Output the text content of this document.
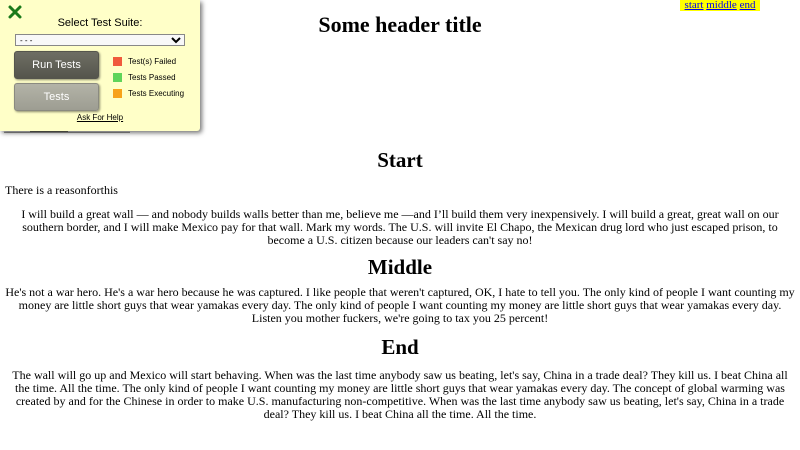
Some header title
start middle end
Select Test Suite:
- - -
Run Tests
Tests
Test(s) Failed
Tests Passed
Tests Executing
Ask For Help
Start

There is a reasonforthis

I will build a great wall — and nobody builds walls better than me, believe me —and I’ll build them very inexpensively. I will build a great, great wall on our southern border, and I will make Mexico pay for that wall. Mark my words. The U.S. will invite El Chapo, the Mexican drug lord who just escaped prison, to become a U.S. citizen because our leaders can't say no!

Middle

He's not a war hero. He's a war hero because he was captured. I like people that weren't captured, OK, I hate to tell you. The only kind of people I want counting my money are little short guys that wear yamakas every day. The only kind of people I want counting my money are little short guys that wear yamakas every day. Listen you mother fuckers, we're going to tax you 25 percent!

End

The wall will go up and Mexico will start behaving. When was the last time anybody saw us beating, let's say, China in a trade deal? They kill us. I beat China all the time. All the time. The only kind of people I want counting my money are little short guys that wear yamakas every day. The concept of global warming was created by and for the Chinese in order to make U.S. manufacturing non-competitive. When was the last time anybody saw us beating, let's say, China in a trade deal? They kill us. I beat China all the time. All the time.
